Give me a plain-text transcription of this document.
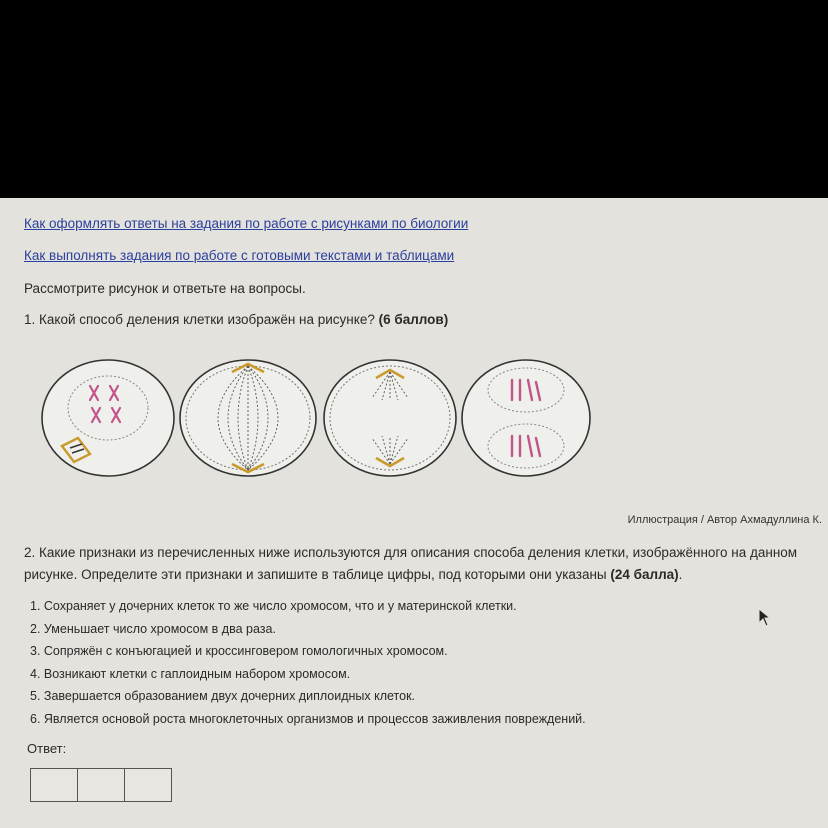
Как оформлять ответы на задания по работе с рисунками по биологии
Как выполнять задания по работе с готовыми текстами и таблицами
Рассмотрите рисунок и ответьте на вопросы.
1. Какой способ деления клетки изображён на рисунке? (6 баллов)
Иллюстрация / Автор Ахмадуллина К.
2. Какие признаки из перечисленных ниже используются для описания способа деления клетки, изображённого на данном рисунке. Определите эти признаки и запишите в таблице цифры, под которыми они указаны (24 балла).
1. Сохраняет у дочерних клеток то же число хромосом, что и у материнской клетки.
2. Уменьшает число хромосом в два раза.
3. Сопряжён с конъюгацией и кроссинговером гомологичных хромосом.
4. Возникают клетки с гаплоидным набором хромосом.
5. Завершается образованием двух дочерних диплоидных клеток.
6. Является основой роста многоклеточных организмов и процессов заживления повреждений.
Ответ:
